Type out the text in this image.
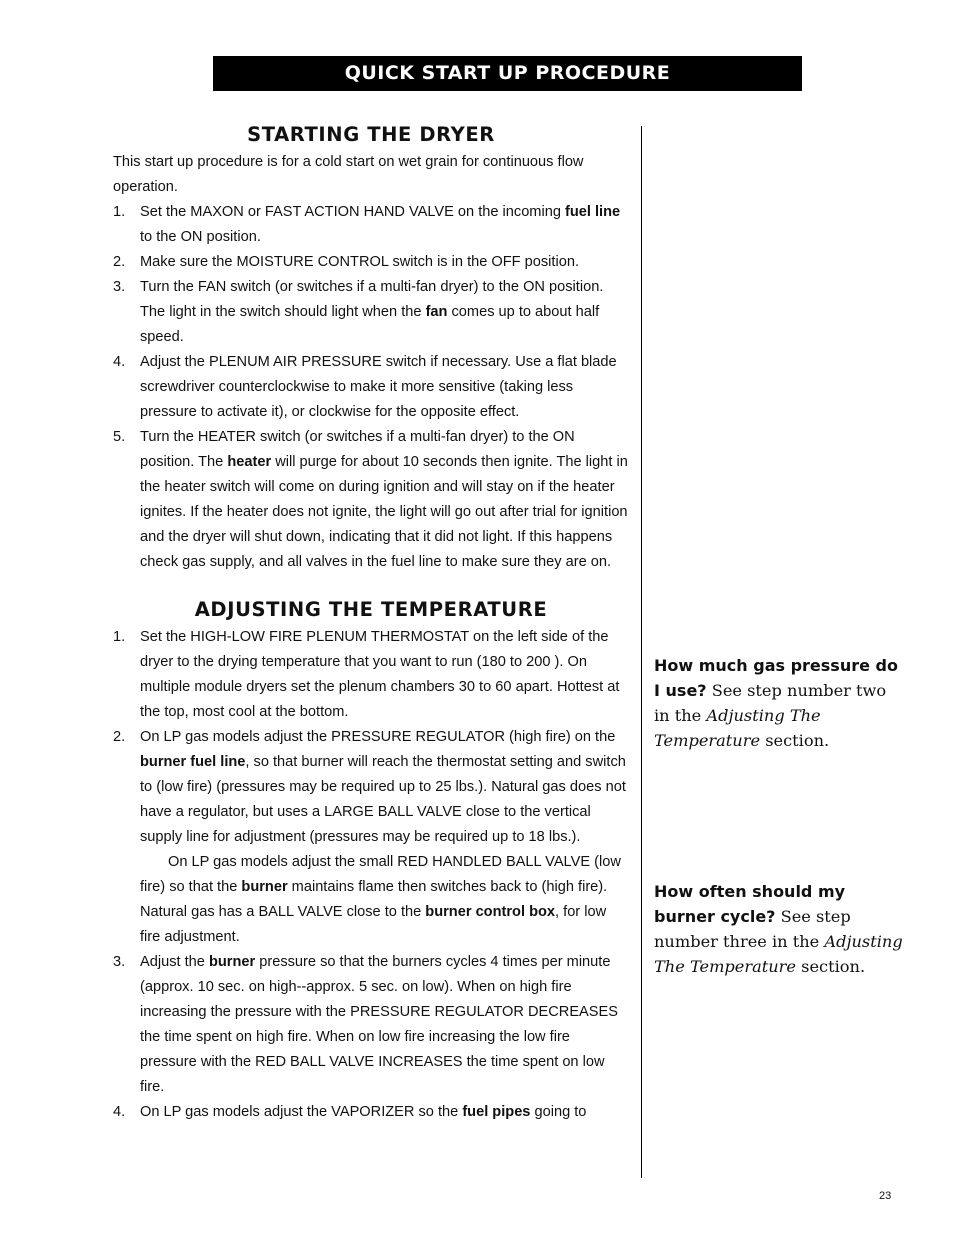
QUICK START UP PROCEDURE
STARTING THE DRYER

This start up procedure is for a cold start on wet grain for continuous flow operation.

1. Set the MAXON or FAST ACTION HAND VALVE on the incoming fuel line to the ON position.
2. Make sure the MOISTURE CONTROL switch is in the OFF position.
3. Turn the FAN switch (or switches if a multi-fan dryer) to the ON position. The light in the switch should light when the fan comes up to about half speed.
4. Adjust the PLENUM AIR PRESSURE switch if necessary. Use a flat blade screwdriver counterclockwise to make it more sensitive (taking less pressure to activate it), or clockwise for the opposite effect.
5. Turn the HEATER switch (or switches if a multi-fan dryer) to the ON position. The heater will purge for about 10 seconds then ignite. The light in the heater switch will come on during ignition and will stay on if the heater ignites. If the heater does not ignite, the light will go out after trial for ignition and the dryer will shut down, indicating that it did not light. If this happens check gas supply, and all valves in the fuel line to make sure they are on.
ADJUSTING THE TEMPERATURE
1. Set the HIGH-LOW FIRE PLENUM THERMOSTAT on the left side of the dryer to the drying temperature that you want to run (180 to 200 ). On multiple module dryers set the plenum chambers 30 to 60 apart. Hottest at the top, most cool at the bottom.
2. On LP gas models adjust the PRESSURE REGULATOR (high fire) on the burner fuel line, so that burner will reach the thermostat setting and switch to (low fire) (pressures may be required up to 25 lbs.). Natural gas does not have a regulator, but uses a LARGE BALL VALVE close to the vertical supply line for adjustment (pressures may be required up to 18 lbs.).
On LP gas models adjust the small RED HANDLED BALL VALVE (low fire) so that the burner maintains flame then switches back to (high fire). Natural gas has a BALL VALVE close to the burner control box, for low fire adjustment.
3. Adjust the burner pressure so that the burners cycles 4 times per minute (approx. 10 sec. on high--approx. 5 sec. on low). When on high fire increasing the pressure with the PRESSURE REGULATOR DECREASES the time spent on high fire. When on low fire increasing the low fire pressure with the RED BALL VALVE INCREASES the time spent on low fire.
4. On LP gas models adjust the VAPORIZER so the fuel pipes going to
How much gas pressure do I use? See step number two in the Adjusting The Temperature section.
How often should my burner cycle? See step number three in the Adjusting The Temperature section.
23
